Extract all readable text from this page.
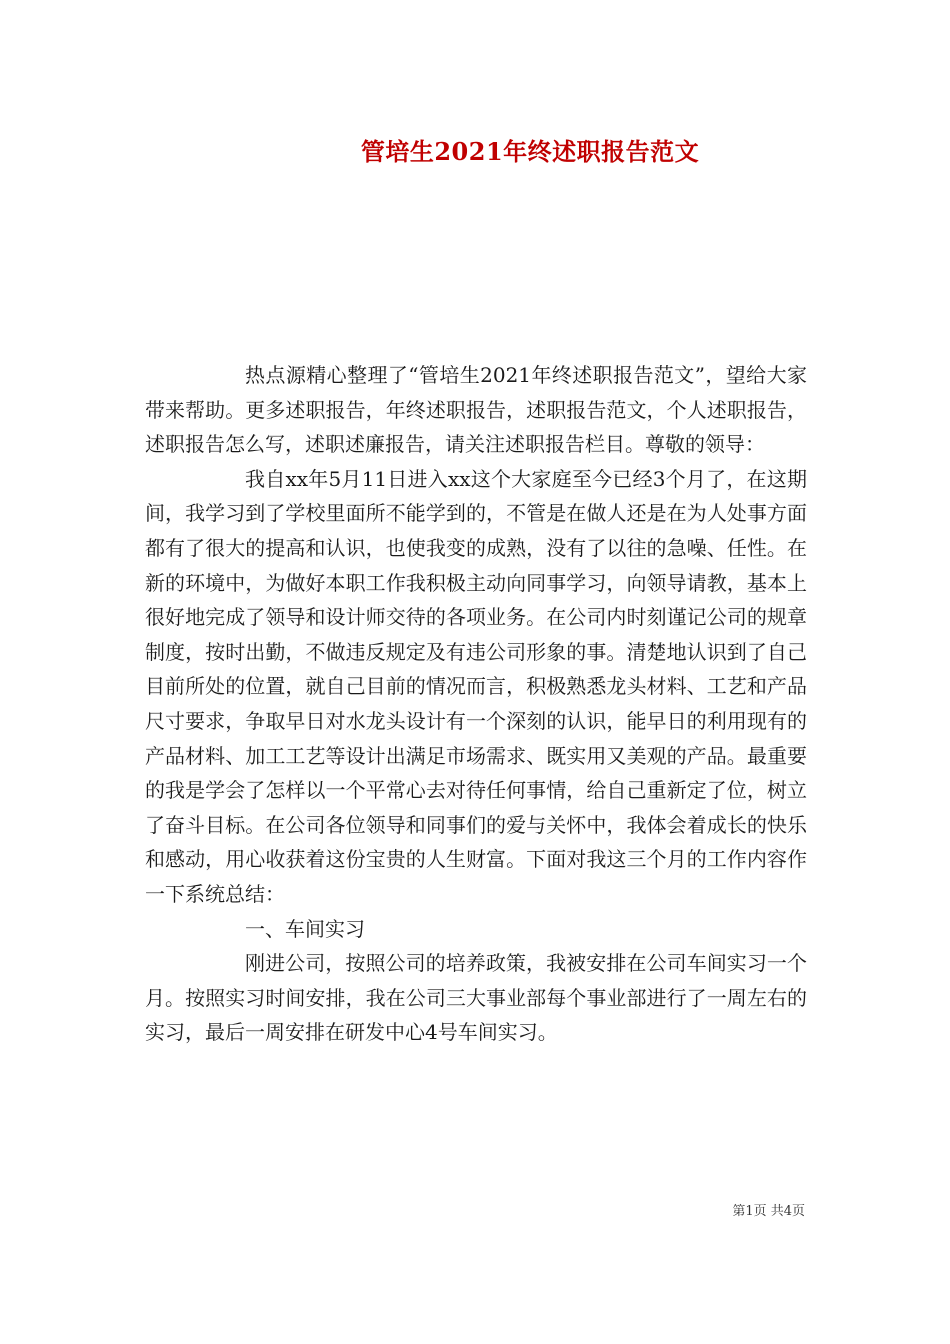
管培生2021年终述职报告范文

热点源精心整理了“管培生2021年终述职报告范文”，望给大家带来帮助。更多述职报告，年终述职报告，述职报告范文，个人述职报告，述职报告怎么写，述职述廉报告，请关注述职报告栏目。尊敬的领导：

我自xx年5月11日进入xx这个大家庭至今已经3个月了，在这期间，我学习到了学校里面所不能学到的，不管是在做人还是在为人处事方面都有了很大的提高和认识，也使我变的成熟，没有了以往的急噪、任性。在新的环境中，为做好本职工作我积极主动向同事学习，向领导请教，基本上很好地完成了领导和设计师交待的各项业务。在公司内时刻谨记公司的规章制度，按时出勤，不做违反规定及有违公司形象的事。清楚地认识到了自己目前所处的位置，就自己目前的情况而言，积极熟悉龙头材料、工艺和产品尺寸要求，争取早日对水龙头设计有一个深刻的认识，能早日的利用现有的产品材料、加工工艺等设计出满足市场需求、既实用又美观的产品。最重要的我是学会了怎样以一个平常心去对待任何事情，给自己重新定了位，树立了奋斗目标。在公司各位领导和同事们的爱与关怀中，我体会着成长的快乐和感动，用心收获着这份宝贵的人生财富。下面对我这三个月的工作内容作一下系统总结：

一、车间实习

刚进公司，按照公司的培养政策，我被安排在公司车间实习一个月。按照实习时间安排，我在公司三大事业部每个事业部进行了一周左右的实习，最后一周安排在研发中心4号车间实习。

第1页 共4页
